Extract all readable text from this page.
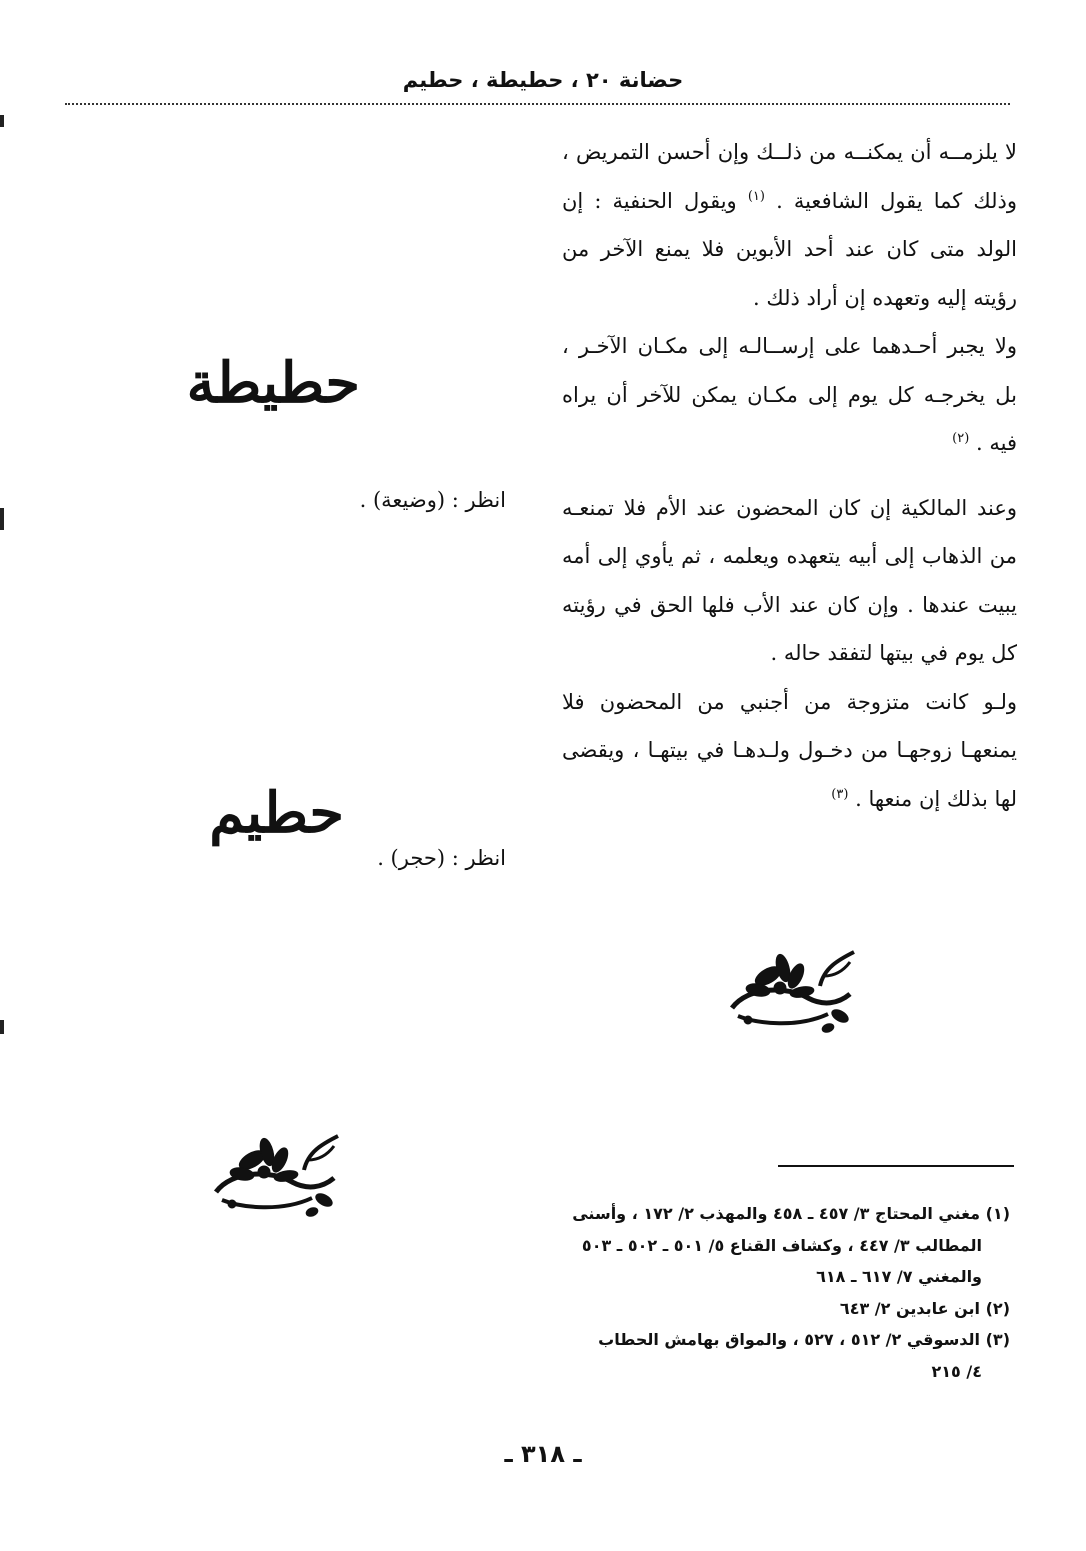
حضانة ٢٠ ، حطيطة ، حطيم

لا يلزمــه أن يمكنــه من ذلــك وإن أحسن التمريض ، وذلك كما يقول الشافعية . $^{(١)}$ ويقول الحنفية : إن الولد متى كان عند أحد الأبوين فلا يمنع الآخر من رؤيته إليه وتعهده إن أراد ذلك .

ولا يجبر أحـدهما على إرســالـه إلى مكـان الآخـر ، بل يخرجـه كل يوم إلى مكـان يمكن للآخر أن يراه فيه . $^{(٢)}$

وعند المالكية إن كان المحضون عند الأم فلا تمنعـه من الذهاب إلى أبيه يتعهده ويعلمه ، ثم يأوي إلى أمه يبيت عندها . وإن كان عند الأب فلها الحق في رؤيته كل يوم في بيتها لتفقد حاله .

ولـو كانت متزوجة من أجنبي من المحضون فلا يمنعهـا زوجهـا من دخـول ولـدهـا في بيتهـا ، ويقضى لها بذلك إن منعها . $^{(٣)}$

حطيطة
انظر : (وضيعة) .
حطيم
انظر : (حجر) .

(١) مغني المحتاج ٣/ ٤٥٧ ـ ٤٥٨ والمهذب ٢/ ١٧٢ ، وأسنى
المطالب ٣/ ٤٤٧ ، وكشاف القناع ٥/ ٥٠١ ـ ٥٠٢ ـ ٥٠٣
والمغني ٧/ ٦١٧ ـ ٦١٨

(٢) ابن عابدين ٢/ ٦٤٣

(٣) الدسوقي ٢/ ٥١٢ ، ٥٢٧ ، والمواق بهامش الحطاب
٤/ ٢١٥

ـ ٣١٨ ـ
